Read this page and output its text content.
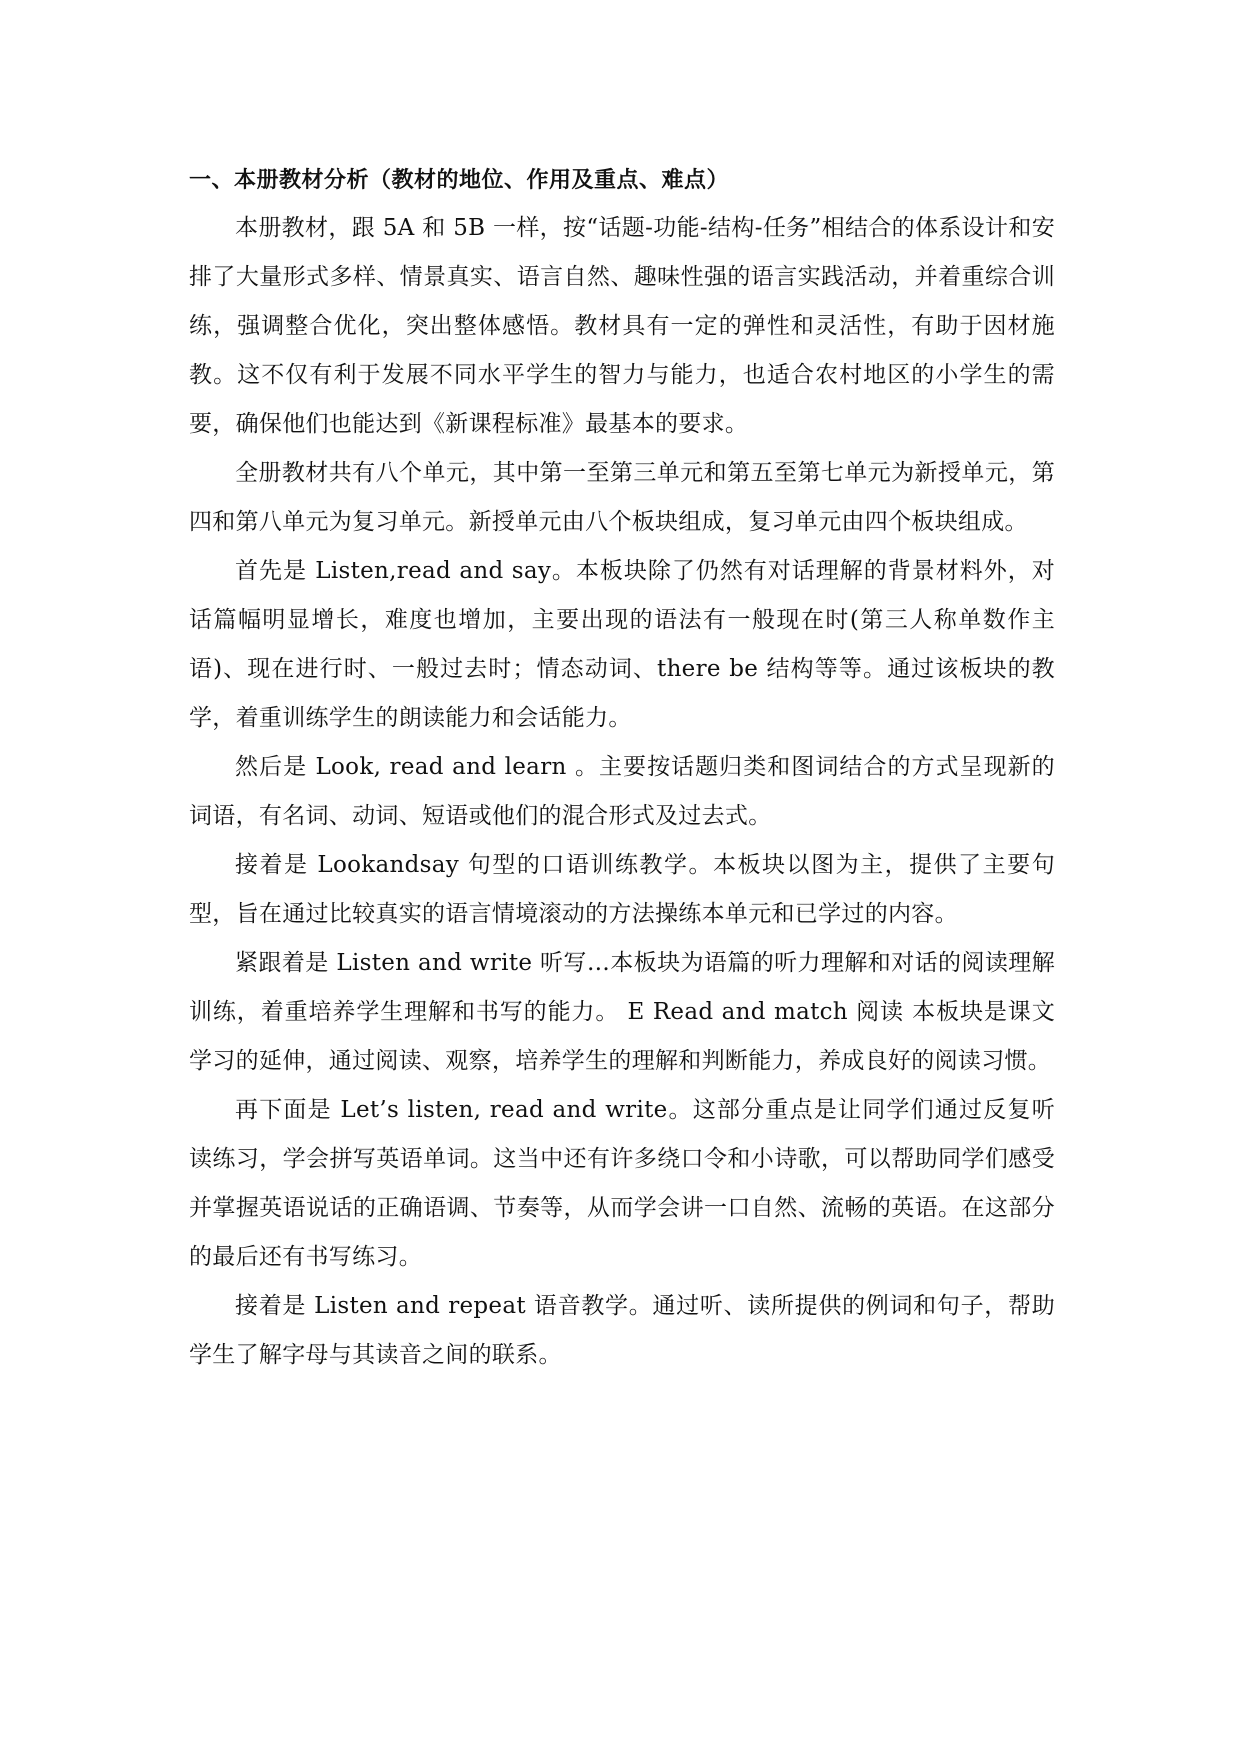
一、本册教材分析（教材的地位、作用及重点、难点）

本册教材，跟 5A 和 5B 一样，按“话题-功能-结构-任务”相结合的体系设计和安排了大量形式多样、情景真实、语言自然、趣味性强的语言实践活动，并着重综合训练，强调整合优化，突出整体感悟。教材具有一定的弹性和灵活性，有助于因材施教。这不仅有利于发展不同水平学生的智力与能力，也适合农村地区的小学生的需要，确保他们也能达到《新课程标准》最基本的要求。

全册教材共有八个单元，其中第一至第三单元和第五至第七单元为新授单元，第四和第八单元为复习单元。新授单元由八个板块组成，复习单元由四个板块组成。

首先是 Listen,read and say。本板块除了仍然有对话理解的背景材料外，对话篇幅明显增长，难度也增加，主要出现的语法有一般现在时(第三人称单数作主语)、现在进行时、一般过去时；情态动词、there be 结构等等。通过该板块的教学，着重训练学生的朗读能力和会话能力。

然后是 Look, read and learn 。主要按话题归类和图词结合的方式呈现新的词语，有名词、动词、短语或他们的混合形式及过去式。

接着是 Lookandsay 句型的口语训练教学。本板块以图为主，提供了主要句型，旨在通过比较真实的语言情境滚动的方法操练本单元和已学过的内容。

紧跟着是 Listen and write 听写…本板块为语篇的听力理解和对话的阅读理解训练，着重培养学生理解和书写的能力。 E Read and match 阅读 本板块是课文学习的延伸，通过阅读、观察，培养学生的理解和判断能力，养成良好的阅读习惯。

再下面是 Let’s listen, read and write。这部分重点是让同学们通过反复听读练习，学会拼写英语单词。这当中还有许多绕口令和小诗歌，可以帮助同学们感受并掌握英语说话的正确语调、节奏等，从而学会讲一口自然、流畅的英语。在这部分的最后还有书写练习。

接着是 Listen and repeat 语音教学。通过听、读所提供的例词和句子，帮助学生了解字母与其读音之间的联系。
